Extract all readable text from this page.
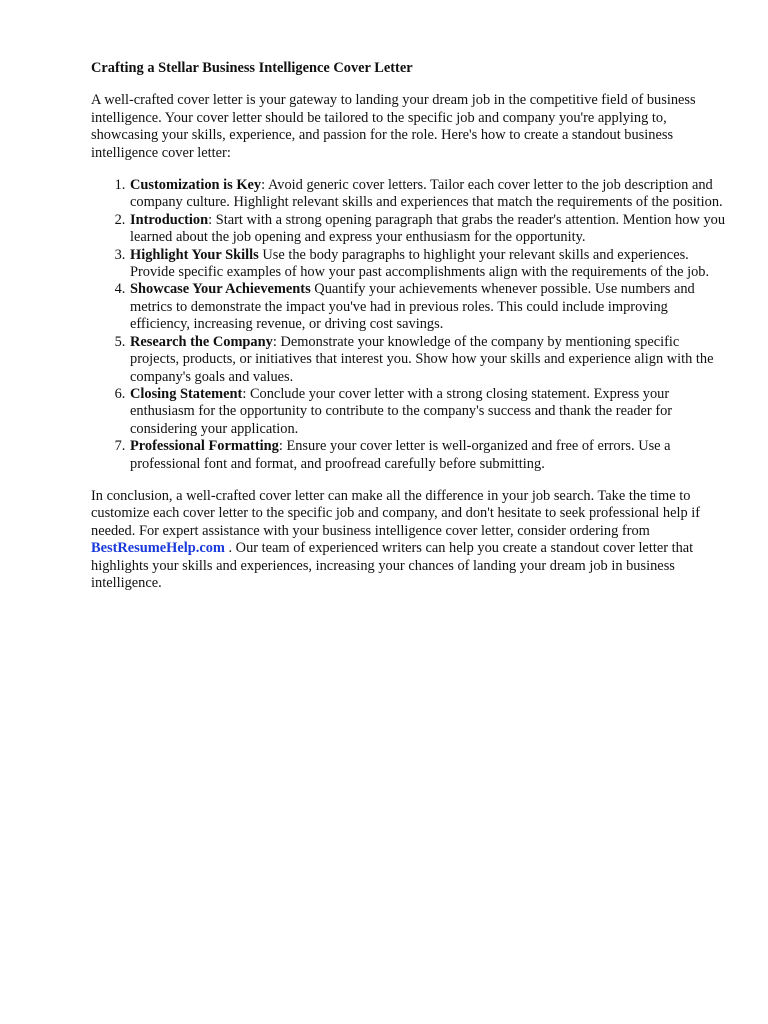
Crafting a Stellar Business Intelligence Cover Letter

A well-crafted cover letter is your gateway to landing your dream job in the competitive field of business intelligence. Your cover letter should be tailored to the specific job and company you're applying to, showcasing your skills, experience, and passion for the role. Here's how to create a standout business intelligence cover letter:

1. Customization is Key: Avoid generic cover letters. Tailor each cover letter to the job description and company culture. Highlight relevant skills and experiences that match the requirements of the position.
2. Introduction: Start with a strong opening paragraph that grabs the reader's attention. Mention how you learned about the job opening and express your enthusiasm for the opportunity.
3. Highlight Your Skills Use the body paragraphs to highlight your relevant skills and experiences. Provide specific examples of how your past accomplishments align with the requirements of the job.
4. Showcase Your Achievements Quantify your achievements whenever possible. Use numbers and metrics to demonstrate the impact you've had in previous roles. This could include improving efficiency, increasing revenue, or driving cost savings.
5. Research the Company: Demonstrate your knowledge of the company by mentioning specific projects, products, or initiatives that interest you. Show how your skills and experience align with the company's goals and values.
6. Closing Statement: Conclude your cover letter with a strong closing statement. Express your enthusiasm for the opportunity to contribute to the company's success and thank the reader for considering your application.
7. Professional Formatting: Ensure your cover letter is well-organized and free of errors. Use a professional font and format, and proofread carefully before submitting.

In conclusion, a well-crafted cover letter can make all the difference in your job search. Take the time to customize each cover letter to the specific job and company, and don't hesitate to seek professional help if needed. For expert assistance with your business intelligence cover letter, consider ordering from BestResumeHelp.com . Our team of experienced writers can help you create a standout cover letter that highlights your skills and experiences, increasing your chances of landing your dream job in business intelligence.
